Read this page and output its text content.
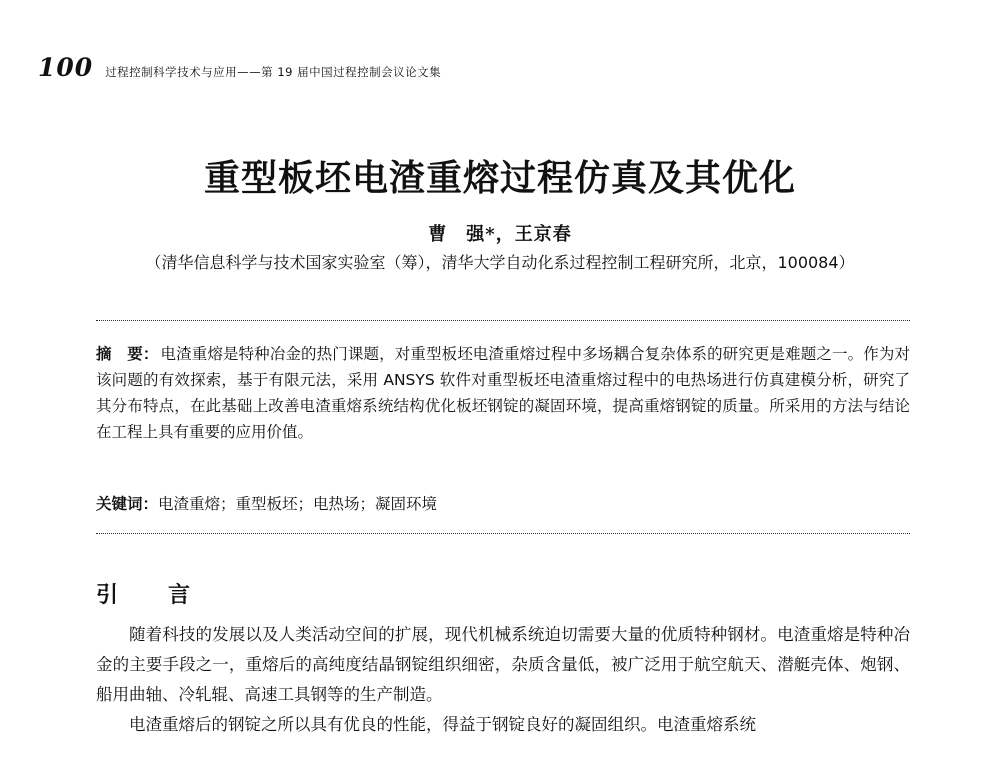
100 过程控制科学技术与应用——第 19 届中国过程控制会议论文集
重型板坯电渣重熔过程仿真及其优化
曹　强*，王京春
（清华信息科学与技术国家实验室（筹），清华大学自动化系过程控制工程研究所，北京，100084）
摘　要： 电渣重熔是特种冶金的热门课题，对重型板坯电渣重熔过程中多场耦合复杂体系的研究更是难题之一。作为对该问题的有效探索，基于有限元法，采用 ANSYS 软件对重型板坯电渣重熔过程中的电热场进行仿真建模分析，研究了其分布特点，在此基础上改善电渣重熔系统结构优化板坯钢锭的凝固环境，提高重熔钢锭的质量。所采用的方法与结论在工程上具有重要的应用价值。
关键词：电渣重熔；重型板坯；电热场；凝固环境
引　言

随着科技的发展以及人类活动空间的扩展，现代机械系统迫切需要大量的优质特种钢材。电渣重熔是特种冶金的主要手段之一，重熔后的高纯度结晶钢锭组织细密，杂质含量低，被广泛用于航空航天、潜艇壳体、炮钢、船用曲轴、冷轧辊、高速工具钢等的生产制造。

电渣重熔后的钢锭之所以具有优良的性能，得益于钢锭良好的凝固组织。电渣重熔系统
